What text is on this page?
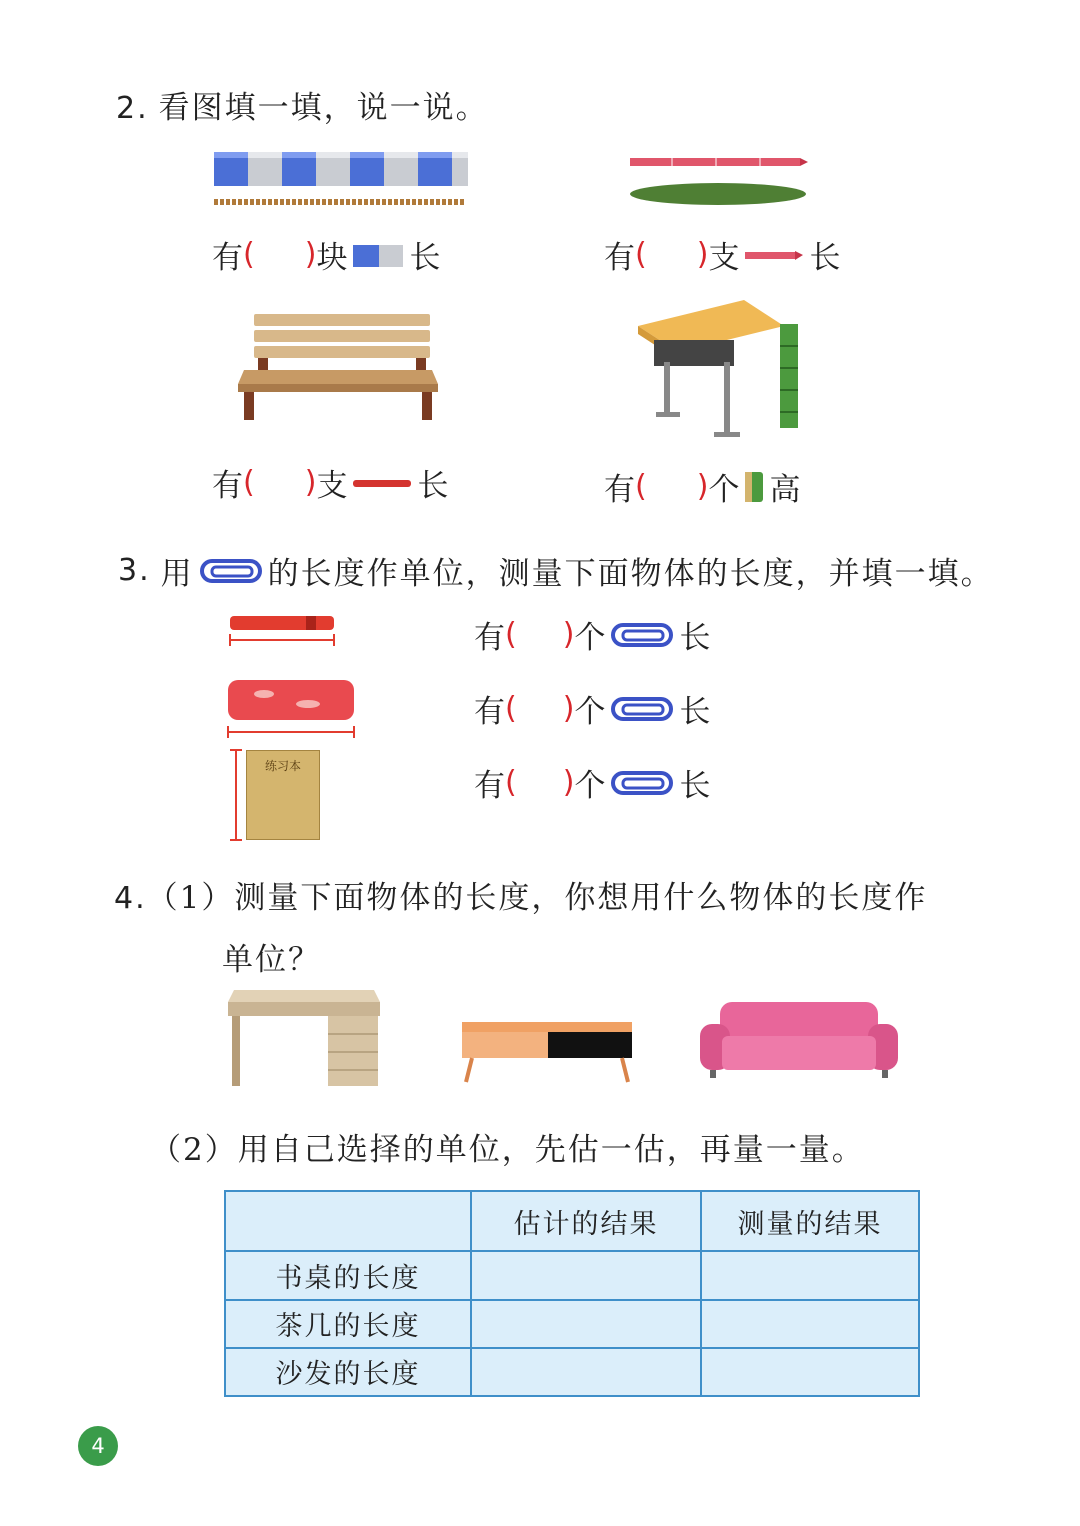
2. 看图填一填，说一说。
有 ( ) 块 长	有 ( ) 支 长
有 ( ) 支 长	有 ( ) 个 高
3. 用 的长度作单位，测量下面物体的长度，并填一填。
练习本
有 ( ) 个 长
有 ( ) 个 长
有 ( ) 个 长
4.（1）测量下面物体的长度，你想用什么物体的长度作
单位？
（2）用自己选择的单位，先估一估，再量一量。
	估计的结果	测量的结果
书桌的长度		
茶几的长度		
沙发的长度		
4
